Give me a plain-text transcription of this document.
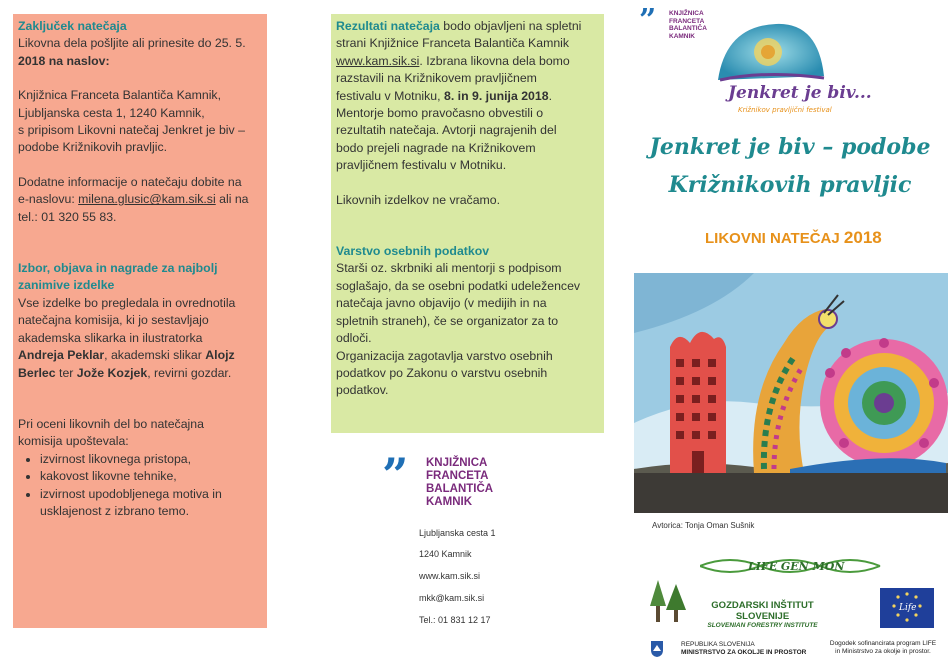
Zaključek natečaja
Likovna dela pošljite ali prinesite do 25. 5.
2018 na naslov:
Knjižnica Franceta Balantiča Kamnik,
Ljubljanska cesta 1, 1240 Kamnik,
s pripisom Likovni natečaj Jenkret je biv –
podobe Križnikovih pravljic.
Dodatne informacije o natečaju dobite na
e-naslovu: milena.glusic@kam.sik.si ali na
tel.: 01 320 55 83.
Izbor, objava in nagrade za najbolj
zanimive izdelke
Vse izdelke bo pregledala in ovrednotila
natečajna komisija, ki jo sestavljajo
akademska slikarka in ilustratorka
Andreja Peklar, akademski slikar Alojz
Berlec ter Jože Kozjek, revirni gozdar.
Pri oceni likovnih del bo natečajna
komisija upoštevala:
• izvirnost likovnega pristopa,
• kakovost likovne tehnike,
• izvirnost upodobljenega motiva in usklajenost z izbrano temo.
Rezultati natečaja bodo objavljeni na spletni
strani Knjižnice Franceta Balantiča Kamnik
www.kam.sik.si. Izbrana likovna dela bomo
razstavili na Križnikovem pravljičnem
festivalu v Motniku, 8. in 9. junija 2018.
Mentorje bomo pravočasno obvestili o
rezultatih natečaja. Avtorji nagrajenih del
bodo prejeli nagrade na Križnikovem
pravljičnem festivalu v Motniku.
Likovnih izdelkov ne vračamo.
Varstvo osebnih podatkov
Starši oz. skrbniki ali mentorji s podpisom
soglašajo, da se osebni podatki udeležencev
natečaja javno objavijo (v medijih in na
spletnih straneh), če se organizator za to
odloči.
Organizacija zagotavlja varstvo osebnih
podatkov po Zakonu o varstvu osebnih
podatkov.
” KNJIŽNICA
FRANCETA
BALANTIČA
KAMNIK
Ljubljanska cesta 1
1240 Kamnik
www.kam.sik.si
mkk@kam.sik.si
Tel.: 01 831 12 17
” KNJIŽNICA
FRANCETA
BALANTIČA
KAMNIK
Jenkret je biv...
Križnikov pravljični festival
Jenkret je biv – podobe
Križnikovih pravljic
LIKOVNI NATEČAJ 2018
Avtorica: Tonja Oman Sušnik
LIFE GEN MON
GOZDARSKI INŠTITUT SLOVENIJE
SLOVENIAN FORESTRY INSTITUTE
Life
REPUBLIKA SLOVENIJA
MINISTRSTVO ZA OKOLJE IN PROSTOR
Dogodek sofinancirata program LIFE
in Ministrstvo za okolje in prostor.
